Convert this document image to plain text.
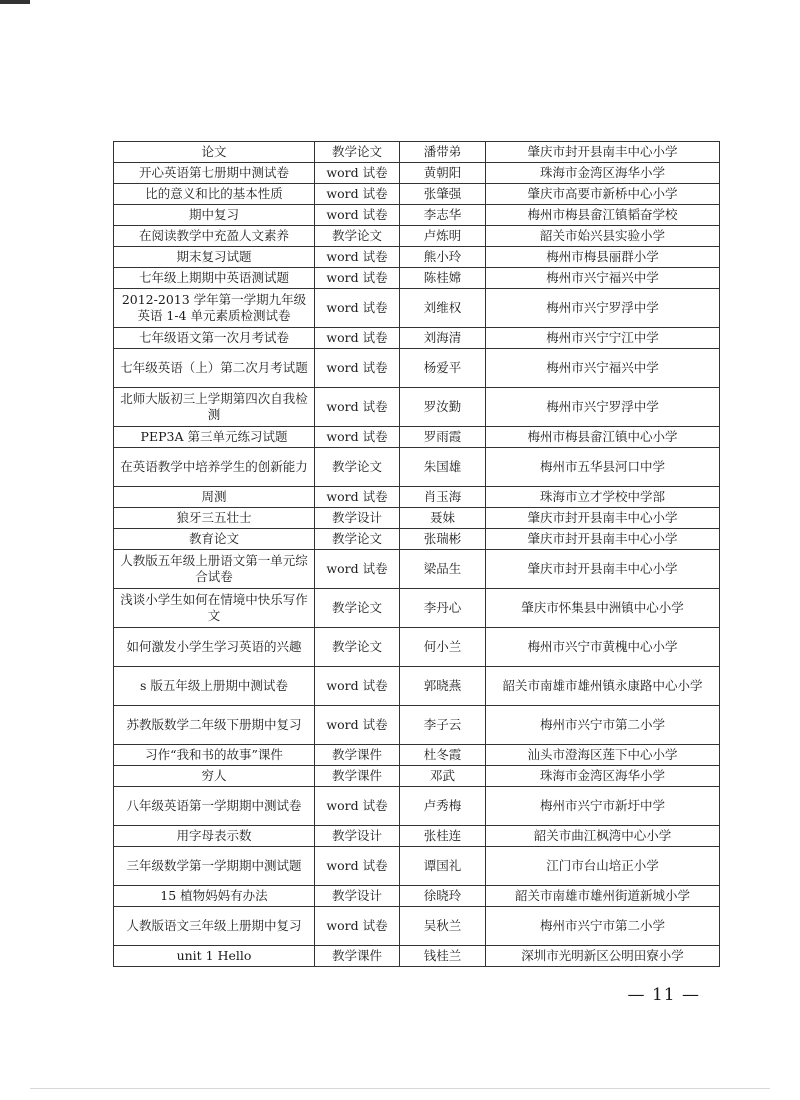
论文	教学论文	潘带弟	肇庆市封开县南丰中心小学
开心英语第七册期中测试卷	word 试卷	黄朝阳	珠海市金湾区海华小学
比的意义和比的基本性质	word 试卷	张肇强	肇庆市高要市新桥中心小学
期中复习	word 试卷	李志华	梅州市梅县畲江镇韬奋学校
在阅读教学中充盈人文素养	教学论文	卢炼明	韶关市始兴县实验小学
期末复习试题	word 试卷	熊小玲	梅州市梅县丽群小学
七年级上期期中英语测试题	word 试卷	陈桂嫦	梅州市兴宁福兴中学
2012-2013 学年第一学期九年级英语 1-4 单元素质检测试卷	word 试卷	刘维权	梅州市兴宁罗浮中学
七年级语文第一次月考试卷	word 试卷	刘海清	梅州市兴宁宁江中学
七年级英语（上）第二次月考试题	word 试卷	杨爱平	梅州市兴宁福兴中学
北师大版初三上学期第四次自我检测	word 试卷	罗汝勤	梅州市兴宁罗浮中学
PEP3A 第三单元练习试题	word 试卷	罗雨霞	梅州市梅县畲江镇中心小学
在英语教学中培养学生的创新能力	教学论文	朱国雄	梅州市五华县河口中学
周测	word 试卷	肖玉海	珠海市立才学校中学部
狼牙三五壮士	教学设计	聂妹	肇庆市封开县南丰中心小学
教育论文	教学论文	张瑞彬	肇庆市封开县南丰中心小学
人教版五年级上册语文第一单元综合试卷	word 试卷	梁品生	肇庆市封开县南丰中心小学
浅谈小学生如何在情境中快乐写作文	教学论文	李丹心	肇庆市怀集县中洲镇中心小学
如何激发小学生学习英语的兴趣	教学论文	何小兰	梅州市兴宁市黄槐中心小学
s 版五年级上册期中测试卷	word 试卷	郭晓燕	韶关市南雄市雄州镇永康路中心小学
苏教版数学二年级下册期中复习	word 试卷	李子云	梅州市兴宁市第二小学
习作“我和书的故事”课件	教学课件	杜冬霞	汕头市澄海区莲下中心小学
穷人	教学课件	邓武	珠海市金湾区海华小学
八年级英语第一学期期中测试卷	word 试卷	卢秀梅	梅州市兴宁市新圩中学
用字母表示数	教学设计	张桂连	韶关市曲江枫湾中心小学
三年级数学第一学期期中测试题	word 试卷	谭国礼	江门市台山培正小学
15 植物妈妈有办法	教学设计	徐晓玲	韶关市南雄市雄州街道新城小学
人教版语文三年级上册期中复习	word 试卷	吴秋兰	梅州市兴宁市第二小学
unit 1 Hello	教学课件	钱桂兰	深圳市光明新区公明田寮小学
— 11 —
